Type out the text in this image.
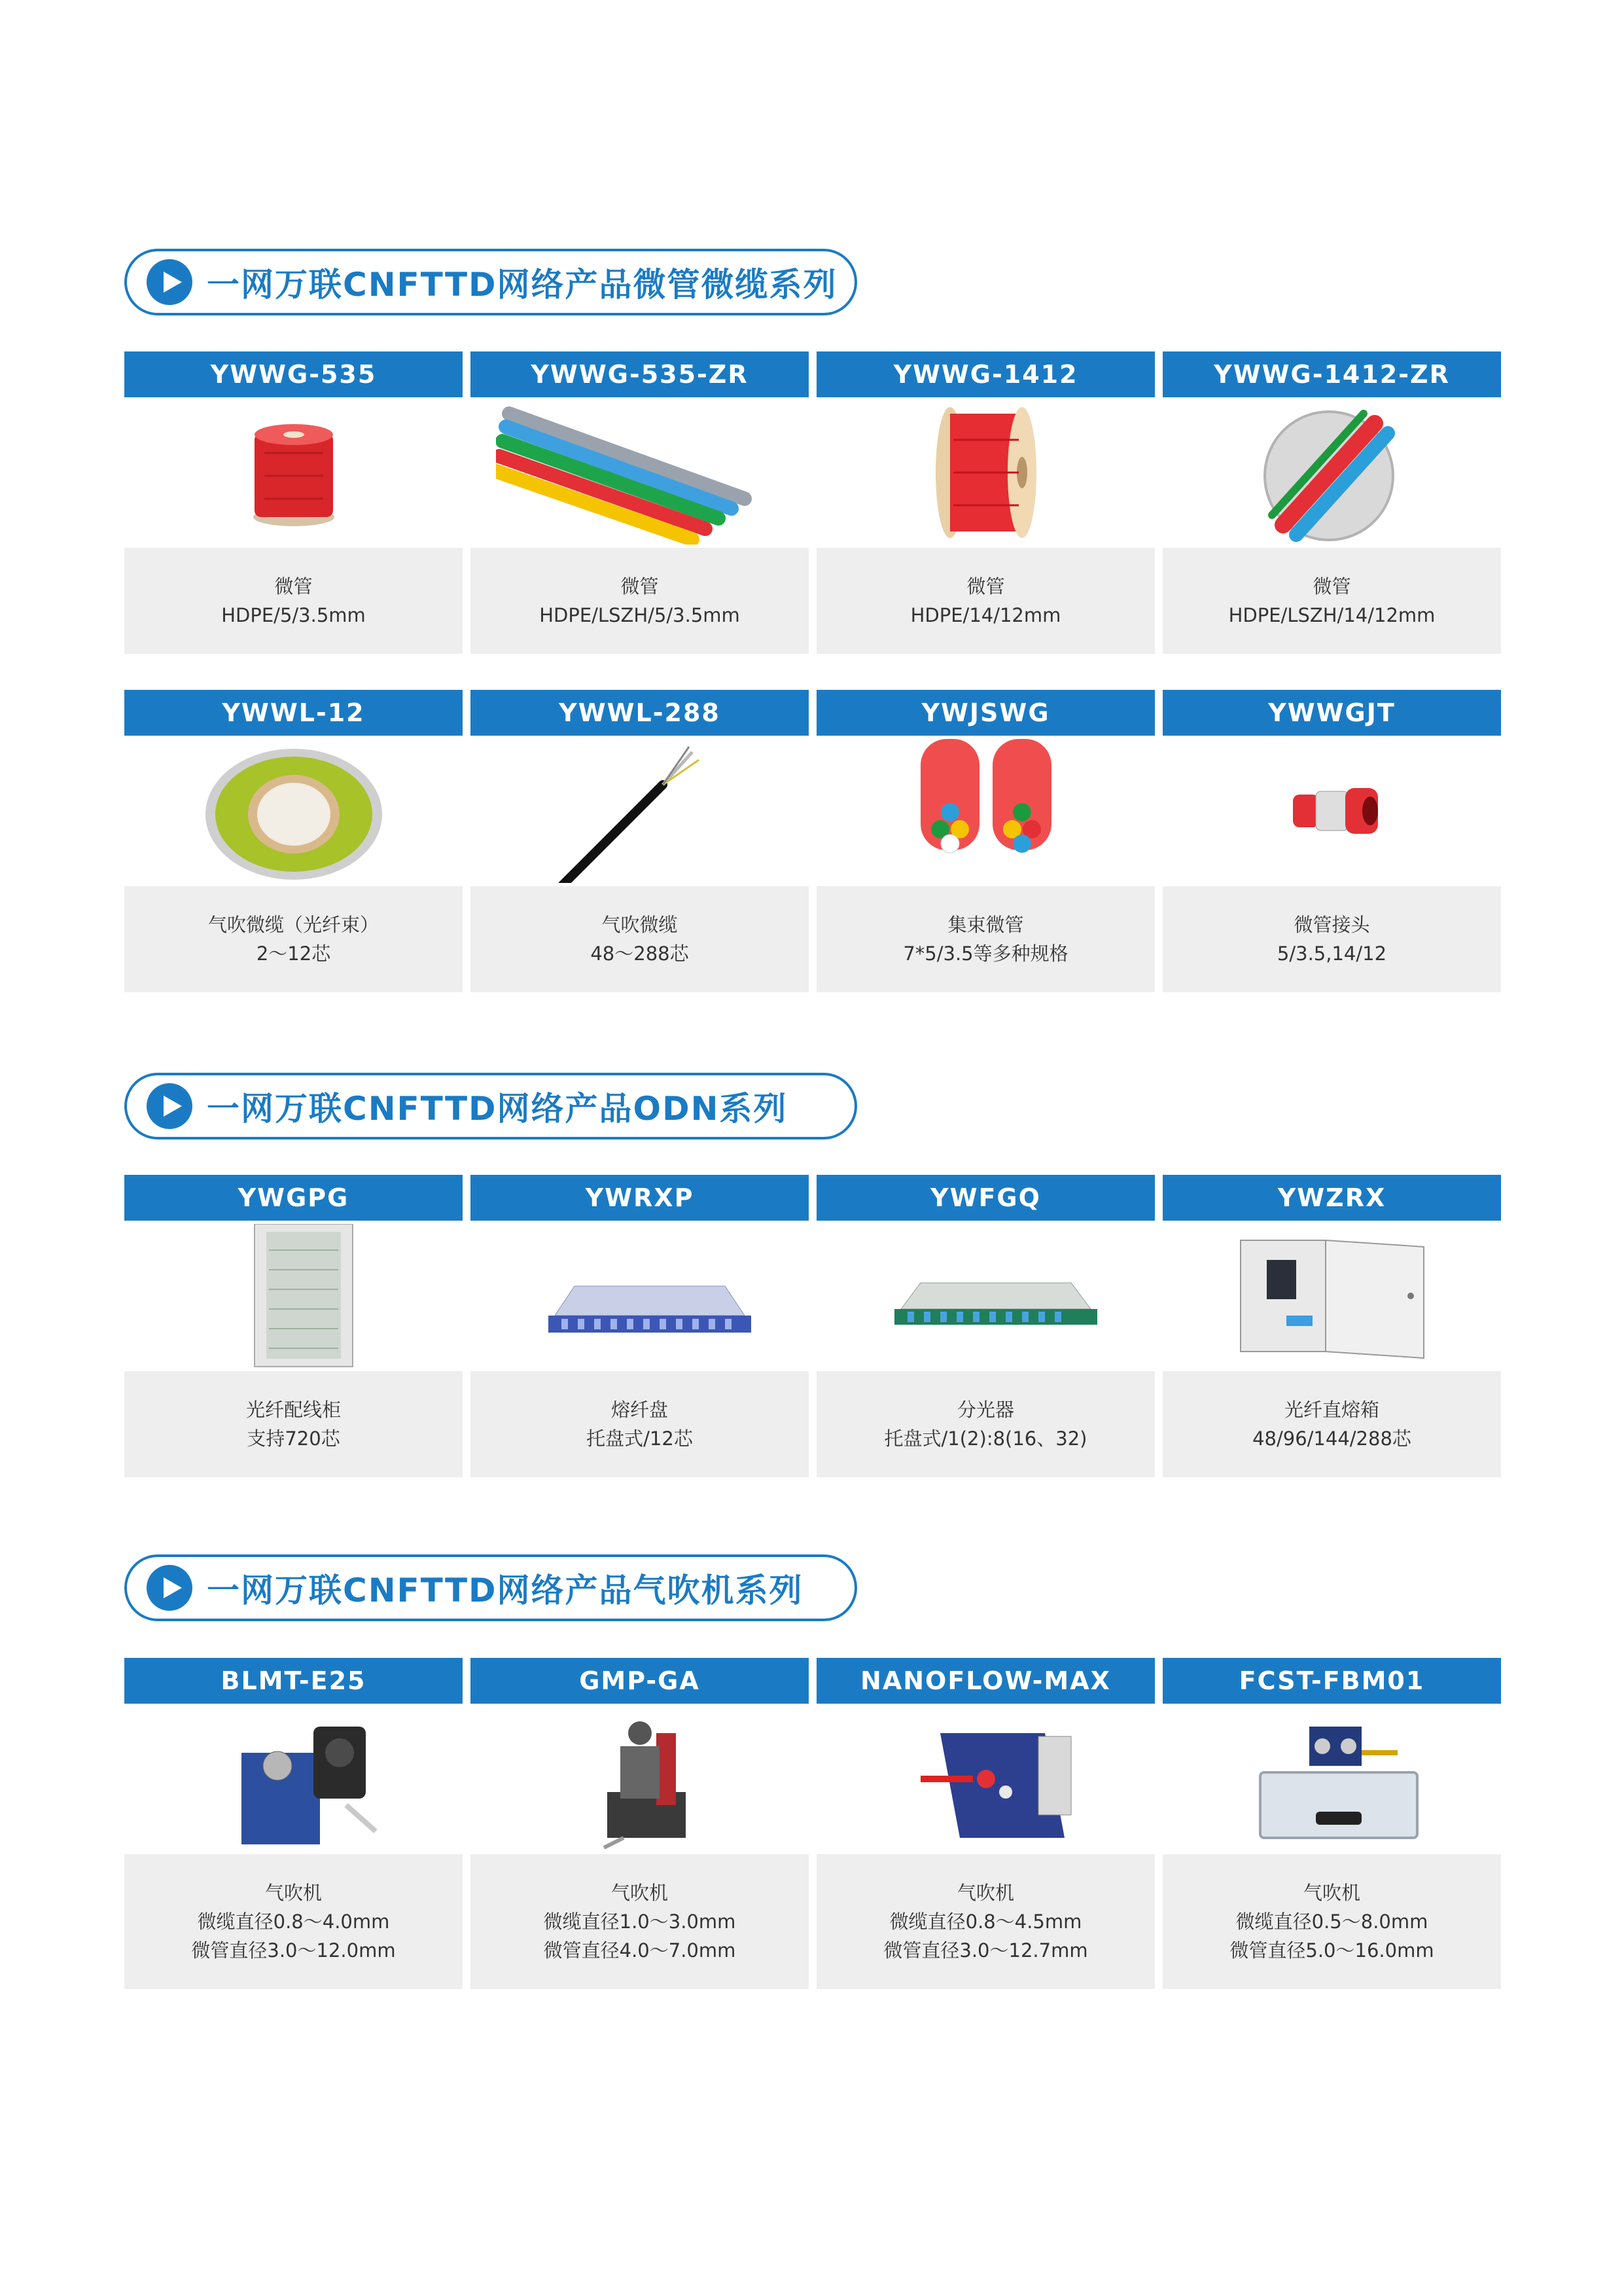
一网万联CNFTTD网络产品微管微缆系列
YWWG-535
微管
HDPE/5/3.5mm
YWWG-535-ZR
微管
HDPE/LSZH/5/3.5mm
YWWG-1412
微管
HDPE/14/12mm
YWWG-1412-ZR
微管
HDPE/LSZH/14/12mm
YWWL-12
气吹微缆（光纤束）
2～12芯
YWWL-288
气吹微缆
48～288芯
YWJSWG
集束微管
7*5/3.5等多种规格
YWWGJT
微管接头
5/3.5,14/12
一网万联CNFTTD网络产品ODN系列
YWGPG
光纤配线柜
支持720芯
YWRXP
熔纤盘
托盘式/12芯
YWFGQ
分光器
托盘式/1(2):8(16、32)
YWZRX
光纤直熔箱
48/96/144/288芯
一网万联CNFTTD网络产品气吹机系列
BLMT-E25
气吹机
微缆直径0.8～4.0mm
微管直径3.0～12.0mm
GMP-GA
气吹机
微缆直径1.0～3.0mm
微管直径4.0～7.0mm
NANOFLOW-MAX
气吹机
微缆直径0.8～4.5mm
微管直径3.0～12.7mm
FCST-FBM01
气吹机
微缆直径0.5～8.0mm
微管直径5.0～16.0mm
